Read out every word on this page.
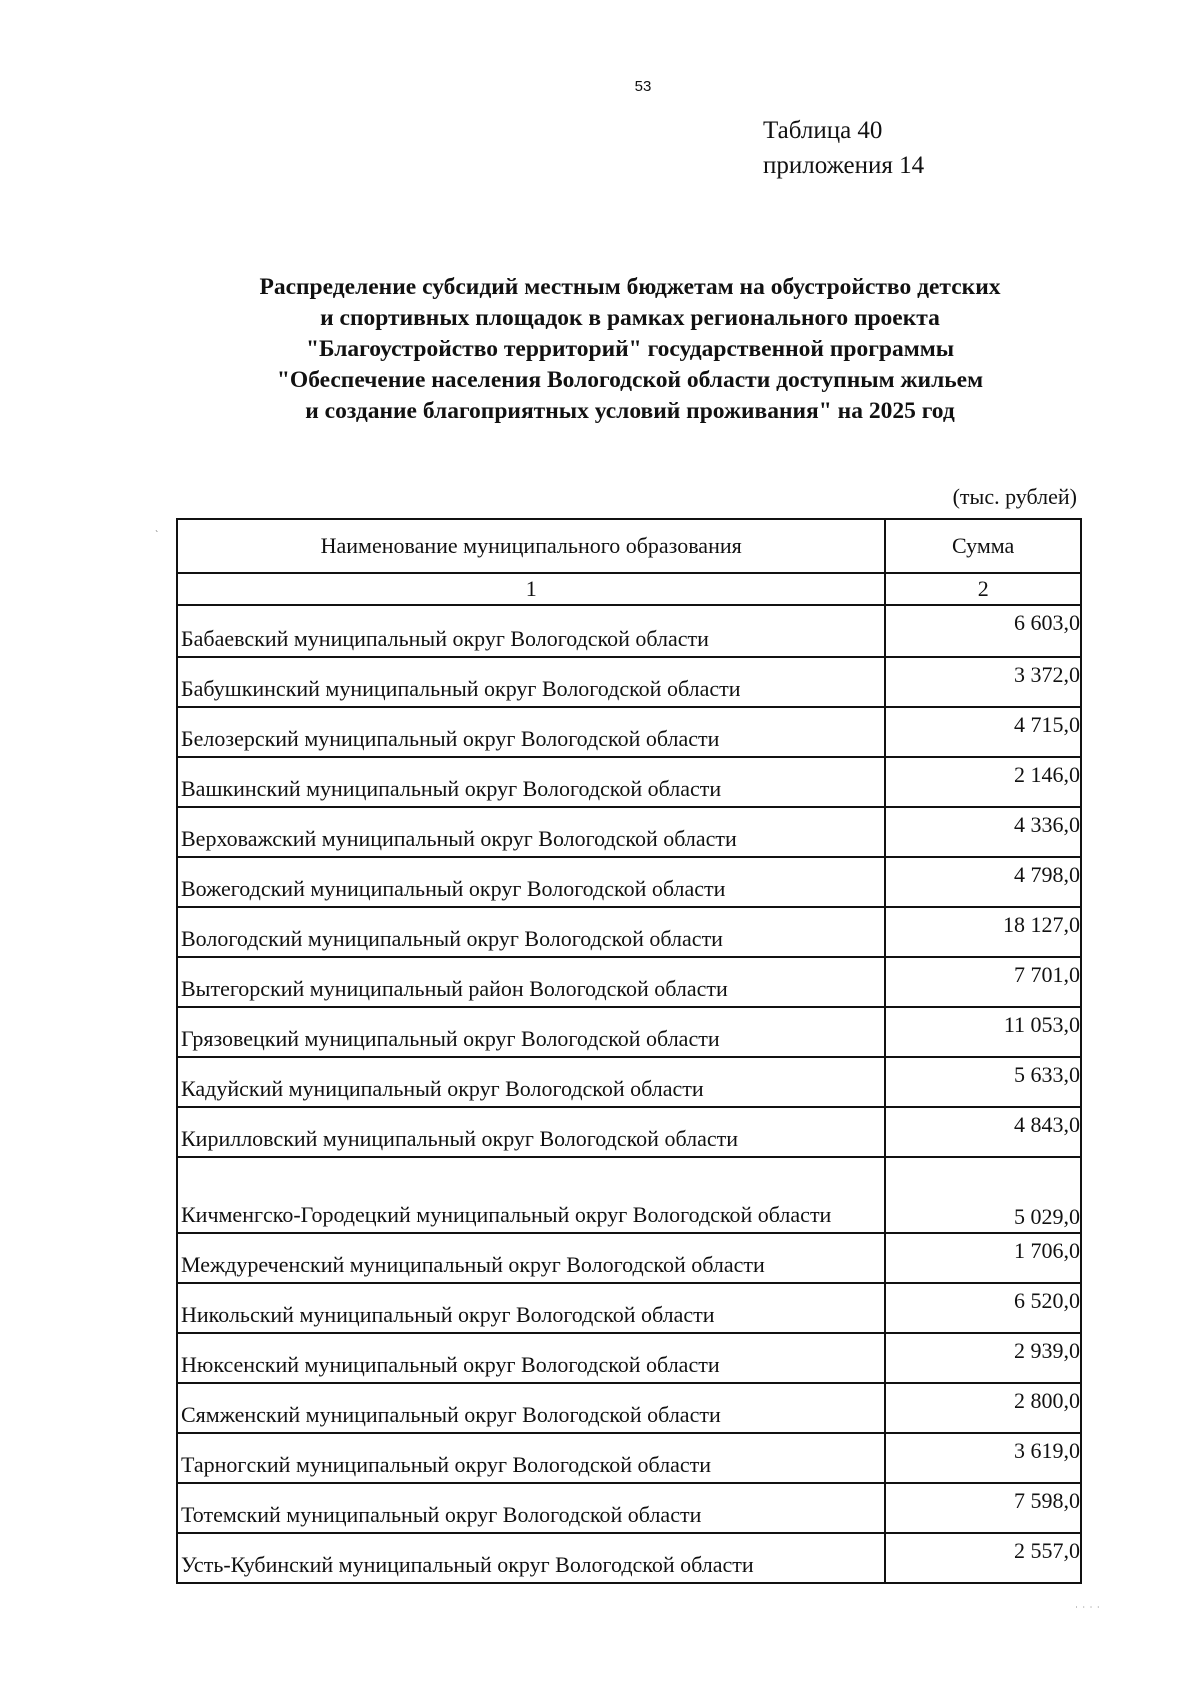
53
Таблица 40
приложения 14
Распределение субсидий местным бюджетам на обустройство детских
и спортивных площадок в рамках регионального проекта
"Благоустройство территорий" государственной программы
"Обеспечение населения Вологодской области доступным жильем
и создание благоприятных условий проживания" на 2025 год
(тыс. рублей)
ˋ	Наименование муниципального образования	Сумма
1	2
Бабаевский муниципальный округ Вологодской области	6 603,0
Бабушкинский муниципальный округ Вологодской области	3 372,0
Белозерский муниципальный округ Вологодской области	4 715,0
Вашкинский муниципальный округ Вологодской области	2 146,0
Верховажский муниципальный округ Вологодской области	4 336,0
Вожегодский муниципальный округ Вологодской области	4 798,0
Вологодский муниципальный округ Вологодской области	18 127,0
Вытегорский муниципальный район Вологодской области	7 701,0
Грязовецкий муниципальный округ Вологодской области	11 053,0
Кадуйский муниципальный округ Вологодской области	5 633,0
Кирилловский муниципальный округ Вологодской области	4 843,0
Кичменгско-Городецкий муниципальный округ Вологодской области	5 029,0
Междуреченский муниципальный округ Вологодской области	1 706,0
Никольский муниципальный округ Вологодской области	6 520,0
Нюксенский муниципальный округ Вологодской области	2 939,0
Сямженский муниципальный округ Вологодской области	2 800,0
Тарногский муниципальный округ Вологодской области	3 619,0
Тотемский муниципальный округ Вологодской области	7 598,0
Усть-Кубинский муниципальный округ Вологодской области	2 557,0
˙ ˙ ˙ ˙
